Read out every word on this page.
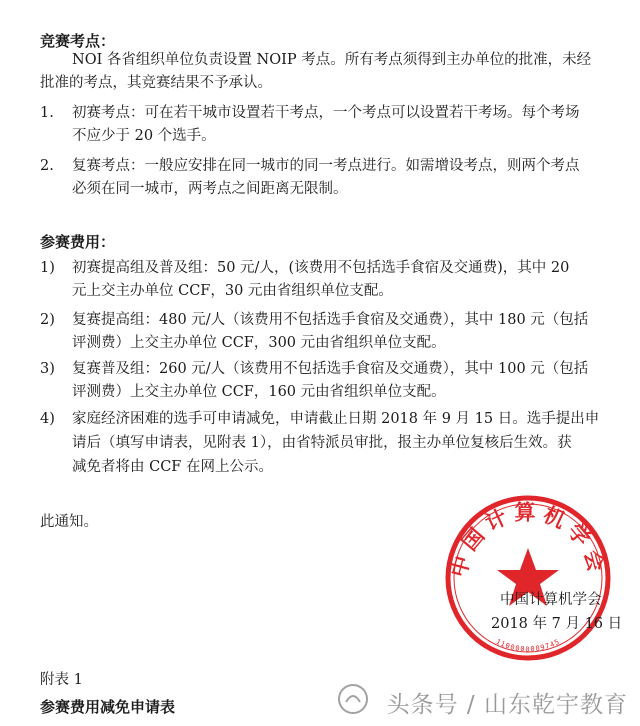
竞赛考点：
NOI 各省组织单位负责设置 NOIP 考点。所有考点须得到主办单位的批准，未经
批准的考点，其竞赛结果不予承认。
1. 初赛考点：可在若干城市设置若干考点，一个考点可以设置若干考场。每个考场
不应少于 20 个选手。
2. 复赛考点：一般应安排在同一城市的同一考点进行。如需增设考点，则两个考点
必须在同一城市，两考点之间距离无限制。
参赛费用：
1) 初赛提高组及普及组：50 元/人，(该费用不包括选手食宿及交通费)，其中 20
元上交主办单位 CCF，30 元由省组织单位支配。
2) 复赛提高组：480 元/人（该费用不包括选手食宿及交通费），其中 180 元（包括
评测费）上交主办单位 CCF，300 元由省组织单位支配。
3) 复赛普及组：260 元/人（该费用不包括选手食宿及交通费），其中 100 元（包括
评测费）上交主办单位 CCF，160 元由省组织单位支配。
4) 家庭经济困难的选手可申请减免，申请截止日期 2018 年 9 月 15 日。选手提出申
请后（填写申请表，见附表 1），由省特派员审批，报主办单位复核后生效。获
减免者将由 CCF 在网上公示。
此通知。
中国计算机学会
1100000089745
中国计算机学会
2018 年 7 月 16 日
附表 1
参赛费用减免申请表	头条号 / 山东乾宇教育
